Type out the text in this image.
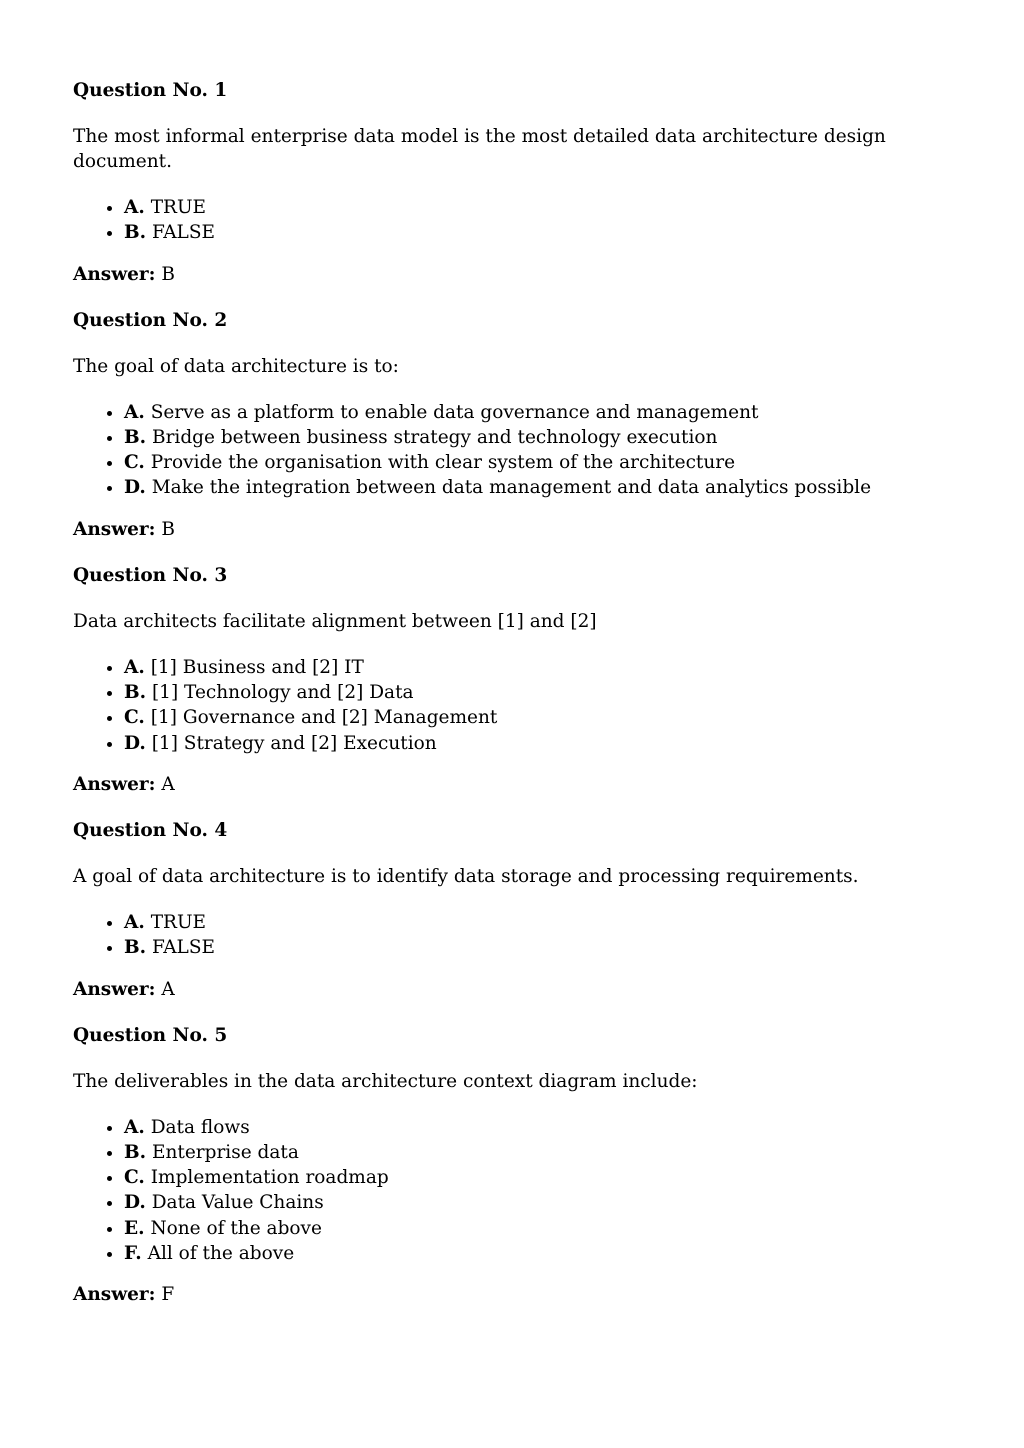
Question No. 1

The most informal enterprise data model is the most detailed data architecture design document.

• A. TRUE
• B. FALSE

Answer: B

Question No. 2

The goal of data architecture is to:

• A. Serve as a platform to enable data governance and management
• B. Bridge between business strategy and technology execution
• C. Provide the organisation with clear system of the architecture
• D. Make the integration between data management and data analytics possible

Answer: B

Question No. 3

Data architects facilitate alignment between [1] and [2]

• A. [1] Business and [2] IT
• B. [1] Technology and [2] Data
• C. [1] Governance and [2] Management
• D. [1] Strategy and [2] Execution

Answer: A

Question No. 4

A goal of data architecture is to identify data storage and processing requirements.

• A. TRUE
• B. FALSE

Answer: A

Question No. 5

The deliverables in the data architecture context diagram include:

• A. Data flows
• B. Enterprise data
• C. Implementation roadmap
• D. Data Value Chains
• E. None of the above
• F. All of the above

Answer: F
